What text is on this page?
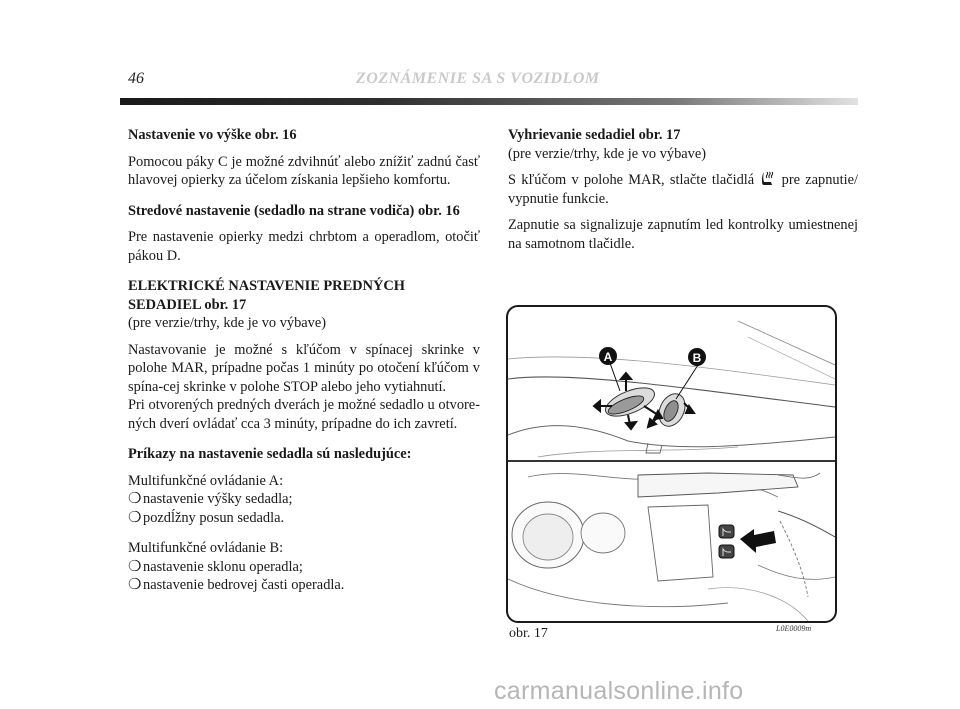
46	ZOZNÁMENIE SA S VOZIDLOM

Nastavenie vo výške obr. 16

Pomocou páky C je možné zdvihnúť alebo znížiť zadnú časť hlavovej opierky za účelom získania lepšieho komfortu.

Stredové nastavenie (sedadlo na strane vodiča) obr. 16

Pre nastavenie opierky medzi chrbtom a operadlom, otočiť pákou D.

ELEKTRICKÉ NASTAVENIE PREDNÝCH
SEDADIEL obr. 17

(pre verzie/trhy, kde je vo výbave)

Nastavovanie je možné s kľúčom v spínacej skrinke v polohe MAR, prípadne počas 1 minúty po otočení kľúčom v spína-cej skrinke v polohe STOP alebo jeho vytiahnutí.

Pri otvorených predných dverách je možné sedadlo u otvore-ných dverí ovládať cca 3 minúty, prípadne do ich zavretí.

Príkazy na nastavenie sedadla sú nasledujúce:

Multifunkčné ovládanie A:

❍ nastavenie výšky sedadla;
❍ pozdĺžny posun sedadla.

Multifunkčné ovládanie B:

❍ nastavenie sklonu operadla;
❍ nastavenie bedrovej časti operadla.

Vyhrievanie sedadiel obr. 17

(pre verzie/trhy, kde je vo výbave)

S kľúčom v polohe MAR, stlačte tlačidlá pre zapnutie/ vypnutie funkcie.

Zapnutie sa signalizuje zapnutím led kontrolky umiestnenej na samotnom tlačidle.

A	B
obr. 17	L0E0009m
carmanualsonline.info
